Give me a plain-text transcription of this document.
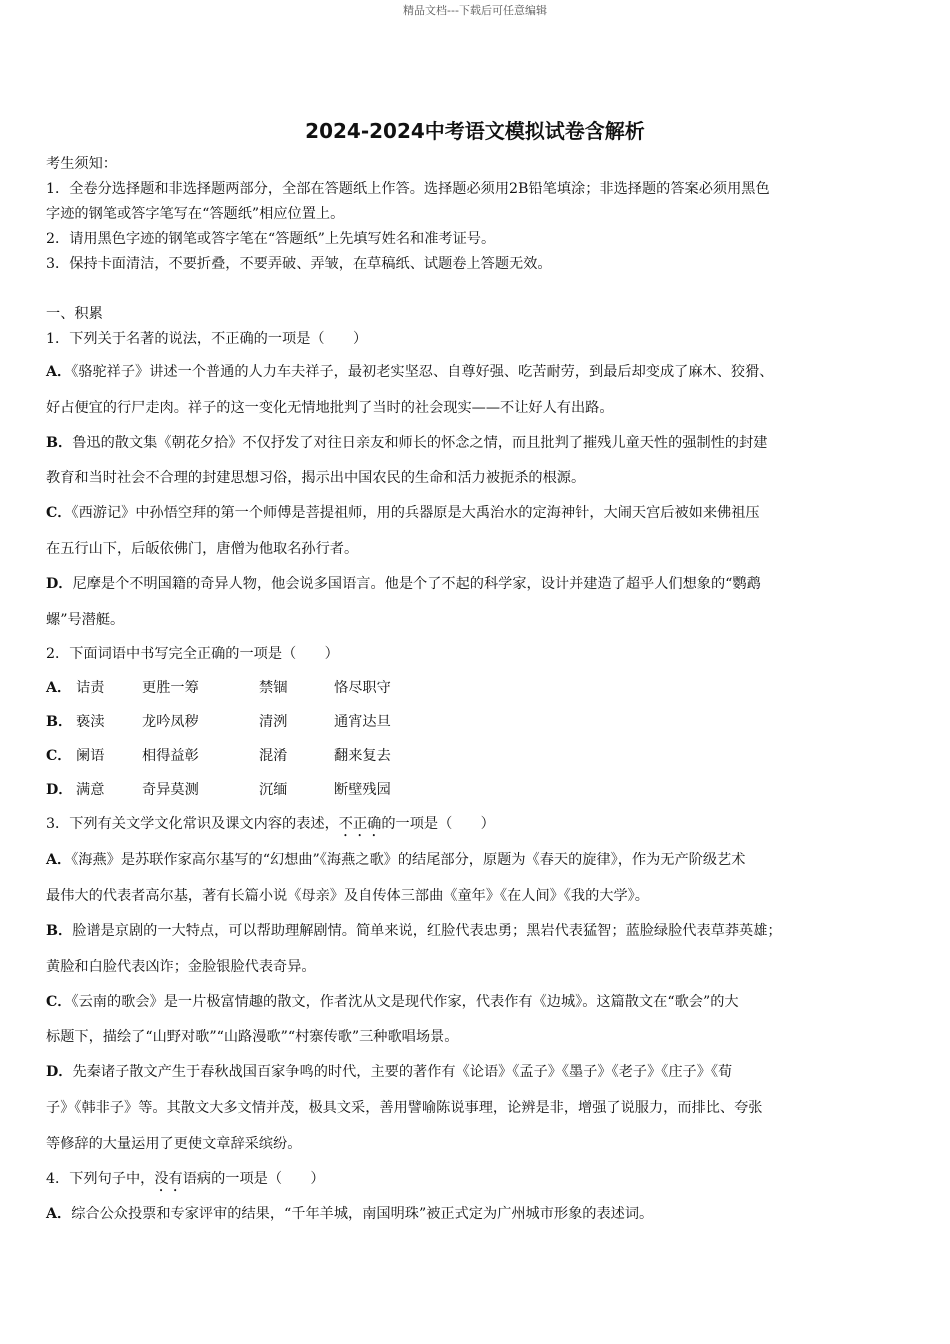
精品文档---下载后可任意编辑
2024-2024中考语文模拟试卷含解析
考生须知：
1．全卷分选择题和非选择题两部分，全部在答题纸上作答。选择题必须用2B铅笔填涂；非选择题的答案必须用黑色
字迹的钢笔或答字笔写在“答题纸”相应位置上。
2．请用黑色字迹的钢笔或答字笔在“答题纸”上先填写姓名和准考证号。
3．保持卡面清洁，不要折叠，不要弄破、弄皱，在草稿纸、试题卷上答题无效。
一、积累
1．下列关于名著的说法，不正确的一项是（　　）
A．《骆驼祥子》讲述一个普通的人力车夫祥子，最初老实坚忍、自尊好强、吃苦耐劳，到最后却变成了麻木、狡猾、
好占便宜的行尸走肉。祥子的这一变化无情地批判了当时的社会现实——不让好人有出路。
B．鲁迅的散文集《朝花夕拾》不仅抒发了对往日亲友和师长的怀念之情，而且批判了摧残儿童天性的强制性的封建
教育和当时社会不合理的封建思想习俗，揭示出中国农民的生命和活力被扼杀的根源。
C．《西游记》中孙悟空拜的第一个师傅是菩提祖师，用的兵器原是大禹治水的定海神针，大闹天宫后被如来佛祖压
在五行山下，后皈依佛门，唐僧为他取名孙行者。
D．尼摩是个不明国籍的奇异人物，他会说多国语言。他是个了不起的科学家，设计并建造了超乎人们想象的“鹦鹉
螺”号潜艇。
2．下面词语中书写完全正确的一项是（　　）
A． 诘责	更胜一筹	禁锢	恪尽职守
B． 亵渎	龙吟凤秽	清洌	通宵达旦
C． 阑语	相得益彰	混淆	翻来复去
D． 满意	奇异莫测	沉缅	断壁残园
3．下列有关文学文化常识及课文内容的表述，不正确的一项是（　　）
A．《海燕》是苏联作家高尔基写的“幻想曲”《海燕之歌》的结尾部分，原题为《春天的旋律》，作为无产阶级艺术
最伟大的代表者高尔基，著有长篇小说《母亲》及自传体三部曲《童年》《在人间》《我的大学》。
B．脸谱是京剧的一大特点，可以帮助理解剧情。简单来说，红脸代表忠勇；黑岩代表猛智；蓝脸绿脸代表草莽英雄；
黄脸和白脸代表凶诈；金脸银脸代表奇异。
C．《云南的歌会》是一片极富情趣的散文，作者沈从文是现代作家，代表作有《边城》。这篇散文在“歌会”的大
标题下，描绘了“山野对歌”“山路漫歌”“村寨传歌”三种歌唱场景。
D．先秦诸子散文产生于春秋战国百家争鸣的时代，主要的著作有《论语》《孟子》《墨子》《老子》《庄子》《荀
子》《韩非子》等。其散文大多文情并茂，极具文采，善用譬喻陈说事理，论辨是非，增强了说服力，而排比、夸张
等修辞的大量运用了更使文章辞采缤纷。
4．下列句子中，没有语病的一项是（　　）
A．综合公众投票和专家评审的结果，“千年羊城，南国明珠”被正式定为广州城市形象的表述词。
